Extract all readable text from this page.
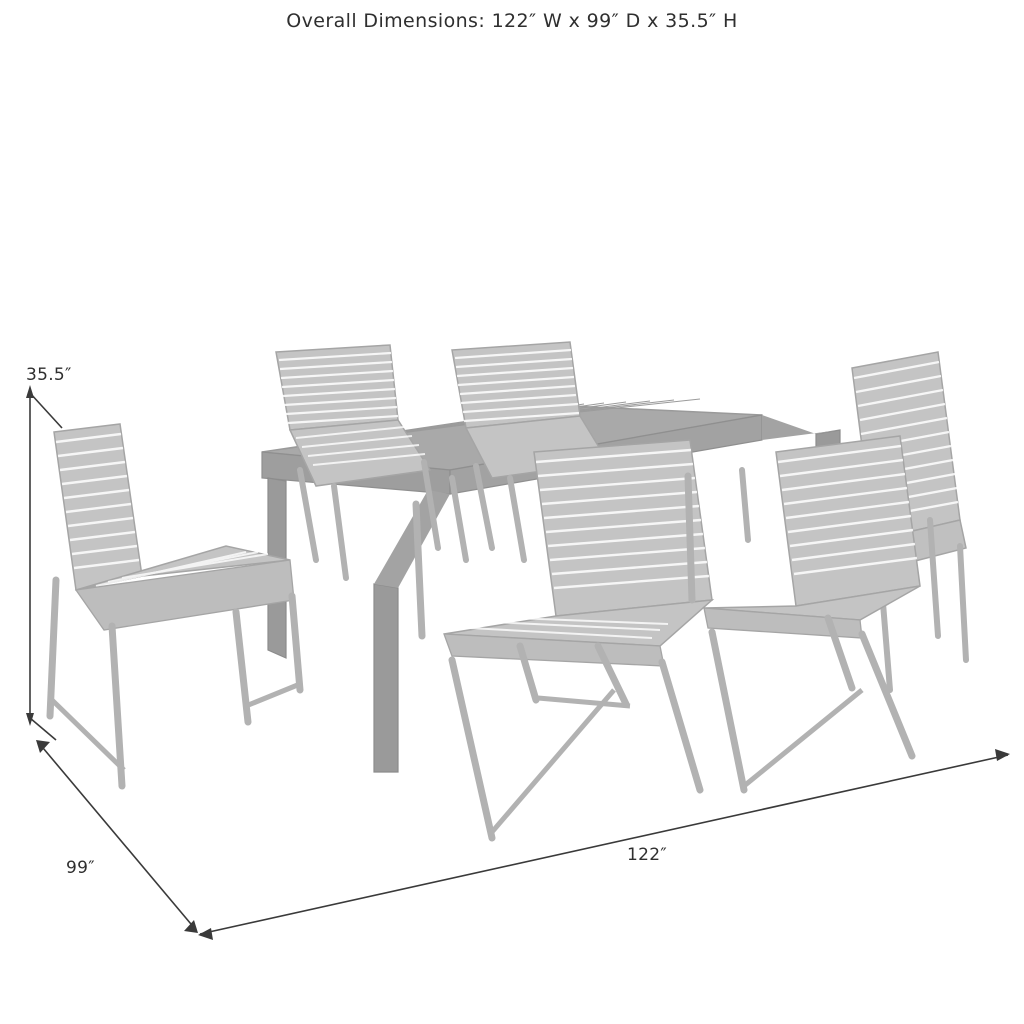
Overall Dimensions: 122″ W x 99″ D x 35.5″ H
35.5″
122″
99″
